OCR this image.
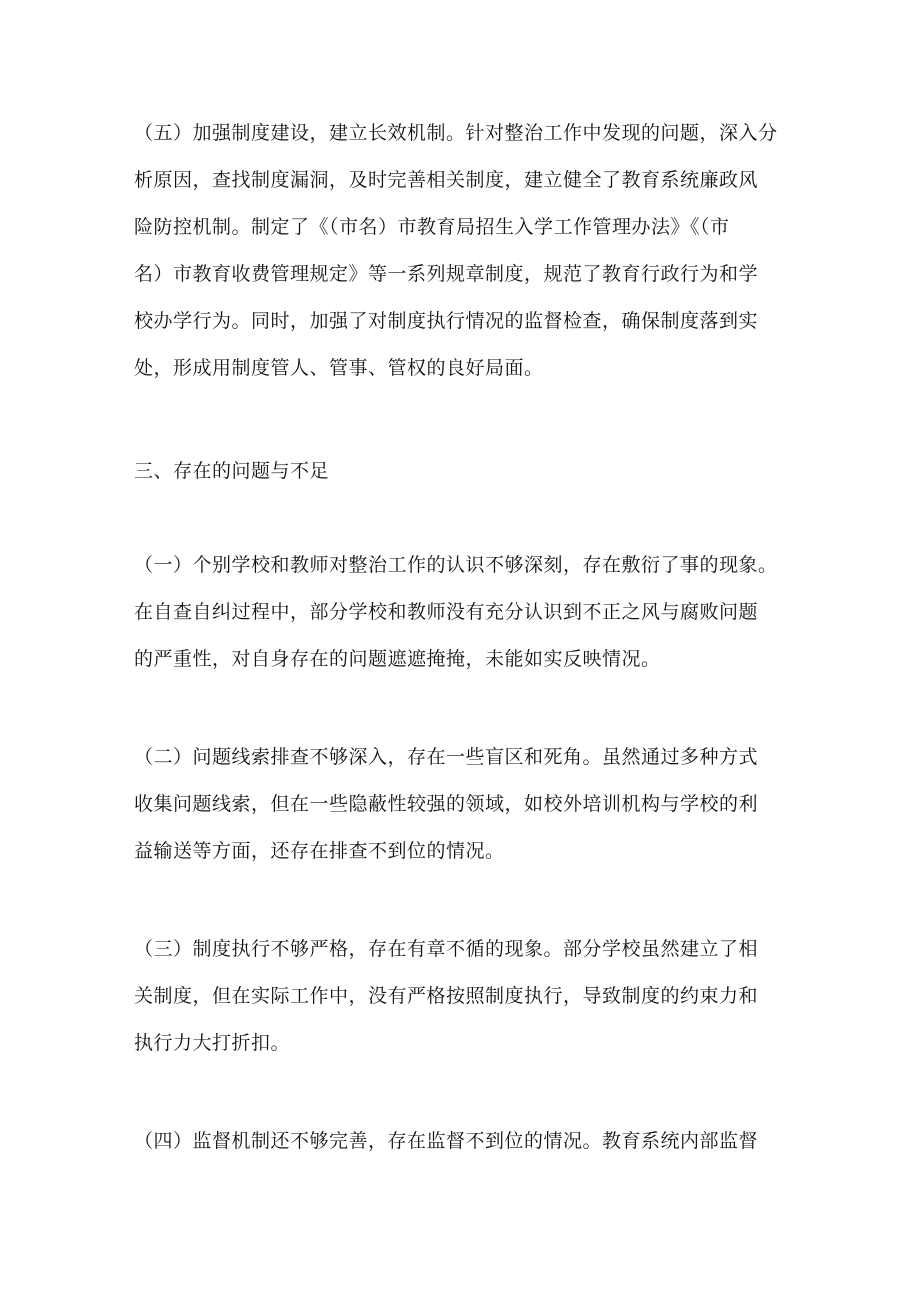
（五）加强制度建设，建立长效机制。针对整治工作中发现的问题，深入分
析原因，查找制度漏洞，及时完善相关制度，建立健全了教育系统廉政风
险防控机制。制定了《（市名）市教育局招生入学工作管理办法》《（市
名）市教育收费管理规定》等一系列规章制度，规范了教育行政行为和学
校办学行为。同时，加强了对制度执行情况的监督检查，确保制度落到实
处，形成用制度管人、管事、管权的良好局面。

三、存在的问题与不足

（一）个别学校和教师对整治工作的认识不够深刻，存在敷衍了事的现象。
在自查自纠过程中，部分学校和教师没有充分认识到不正之风与腐败问题
的严重性，对自身存在的问题遮遮掩掩，未能如实反映情况。

（二）问题线索排查不够深入，存在一些盲区和死角。虽然通过多种方式
收集问题线索，但在一些隐蔽性较强的领域，如校外培训机构与学校的利
益输送等方面，还存在排查不到位的情况。

（三）制度执行不够严格，存在有章不循的现象。部分学校虽然建立了相
关制度，但在实际工作中，没有严格按照制度执行，导致制度的约束力和
执行力大打折扣。

（四）监督机制还不够完善，存在监督不到位的情况。教育系统内部监督
